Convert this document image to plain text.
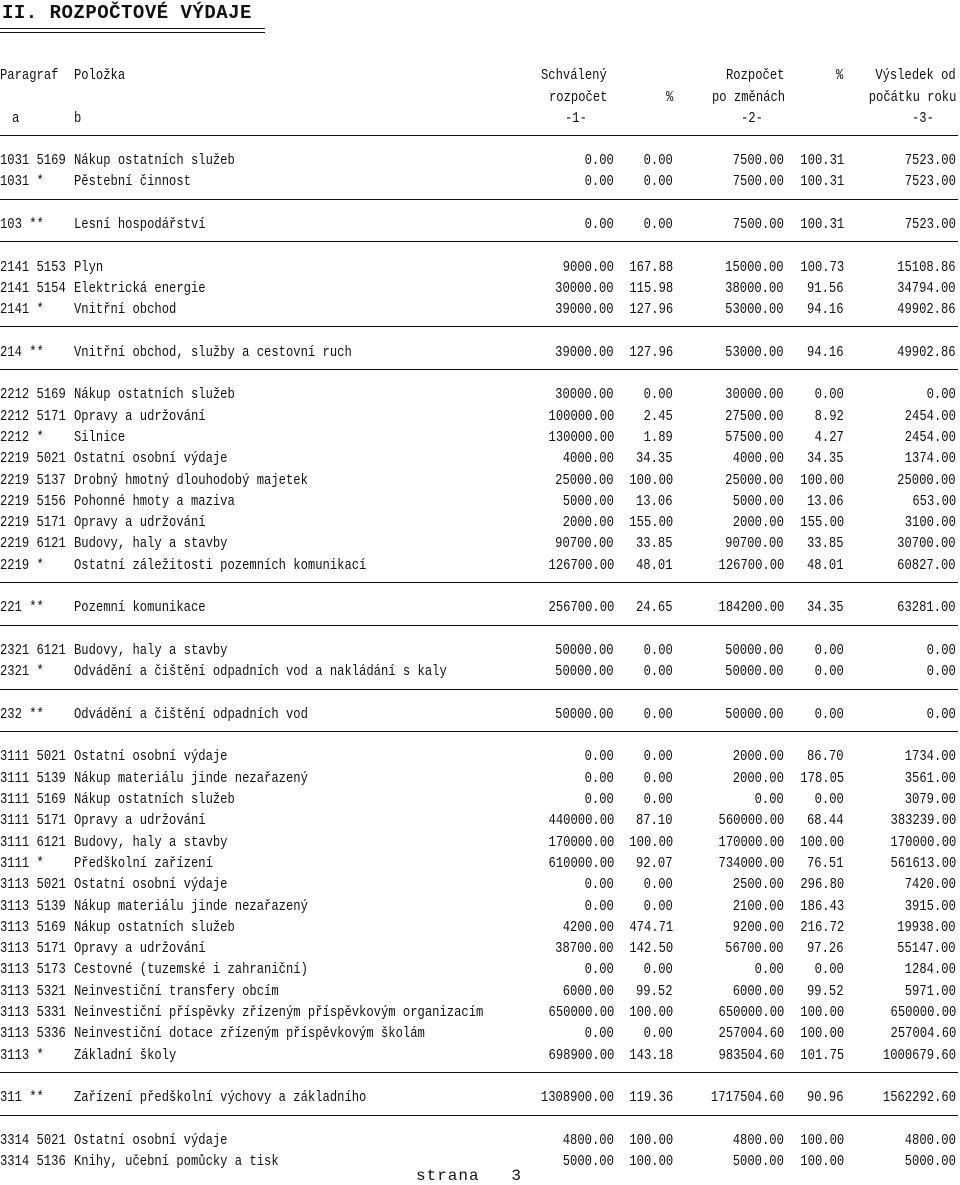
II. ROZPOČTOVÉ VÝDAJE
Paragraf Položka	Schválený	Rozpočet	% Výsledek od
rozpočet	%	po změnách	počátku roku
a	b	-1-	-2-	-3-
1031 5169 Nákup ostatních služeb	0.00 0.00	7500.00 100.31	7523.00
1031 * Pěstební činnost	0.00 0.00	7500.00 100.31	7523.00
103 ** Lesní hospodářství	0.00 0.00	7500.00 100.31	7523.00
2141 5153 Plyn	9000.00 167.88	15000.00 100.73	15108.86
2141 5154 Elektrická energie	30000.00 115.98	38000.00 91.56	34794.00
2141 * Vnitřní obchod	39000.00 127.96	53000.00 94.16	49902.86
214 ** Vnitřní obchod, služby a cestovní ruch	39000.00 127.96	53000.00 94.16	49902.86
2212 5169 Nákup ostatních služeb	30000.00 0.00	30000.00 0.00	0.00
2212 5171 Opravy a udržování	100000.00 2.45	27500.00 8.92	2454.00
2212 * Silnice	130000.00 1.89	57500.00 4.27	2454.00
2219 5021 Ostatní osobní výdaje	4000.00 34.35	4000.00 34.35	1374.00
2219 5137 Drobný hmotný dlouhodobý majetek	25000.00 100.00	25000.00 100.00	25000.00
2219 5156 Pohonné hmoty a maziva	5000.00 13.06	5000.00 13.06	653.00
2219 5171 Opravy a udržování	2000.00 155.00	2000.00 155.00	3100.00
2219 6121 Budovy, haly a stavby	90700.00 33.85	90700.00 33.85	30700.00
2219 * Ostatní záležitosti pozemních komunikací	126700.00 48.01	126700.00 48.01	60827.00
221 ** Pozemní komunikace	256700.00 24.65	184200.00 34.35	63281.00
2321 6121 Budovy, haly a stavby	50000.00 0.00	50000.00 0.00	0.00
2321 * Odvádění a čištění odpadních vod a nakládání s kaly	50000.00 0.00	50000.00 0.00	0.00
232 ** Odvádění a čištění odpadních vod	50000.00 0.00	50000.00 0.00	0.00
3111 5021 Ostatní osobní výdaje	0.00 0.00	2000.00 86.70	1734.00
3111 5139 Nákup materiálu jinde nezařazený	0.00 0.00	2000.00 178.05	3561.00
3111 5169 Nákup ostatních služeb	0.00 0.00	0.00 0.00	3079.00
3111 5171 Opravy a udržování	440000.00 87.10	560000.00 68.44	383239.00
3111 6121 Budovy, haly a stavby	170000.00 100.00	170000.00 100.00	170000.00
3111 * Předškolní zařízení	610000.00 92.07	734000.00 76.51	561613.00
3113 5021 Ostatní osobní výdaje	0.00 0.00	2500.00 296.80	7420.00
3113 5139 Nákup materiálu jinde nezařazený	0.00 0.00	2100.00 186.43	3915.00
3113 5169 Nákup ostatních služeb	4200.00 474.71	9200.00 216.72	19938.00
3113 5171 Opravy a udržování	38700.00 142.50	56700.00 97.26	55147.00
3113 5173 Cestovné (tuzemské i zahraniční)	0.00 0.00	0.00 0.00	1284.00
3113 5321 Neinvestiční transfery obcím	6000.00 99.52	6000.00 99.52	5971.00
3113 5331 Neinvestiční příspěvky zřízeným příspěvkovým organizacím	650000.00 100.00	650000.00 100.00	650000.00
3113 5336 Neinvestiční dotace zřízeným příspěvkovým školám	0.00 0.00	257004.60 100.00	257004.60
3113 * Základní školy	698900.00 143.18	983504.60 101.75	1000679.60
311 ** Zařízení předškolní výchovy a základního	1308900.00 119.36	1717504.60 90.96	1562292.60
3314 5021 Ostatní osobní výdaje	4800.00 100.00	4800.00 100.00	4800.00
3314 5136 Knihy, učební pomůcky a tisk	5000.00 100.00	5000.00 100.00	5000.00
strana 3
